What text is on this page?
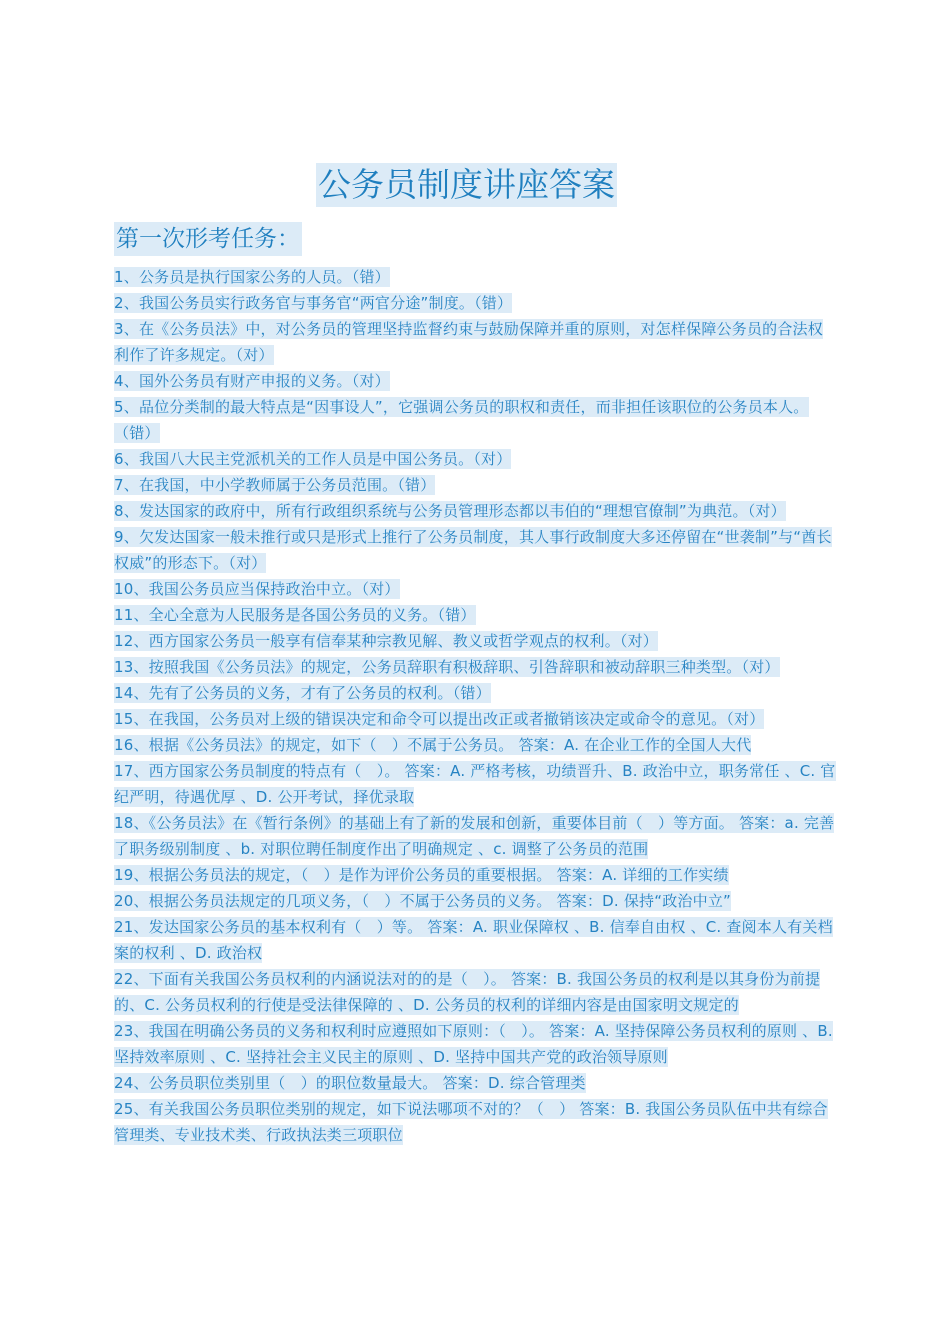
公务员制度讲座答案
第一次形考任务：

1、公务员是执行国家公务的人员。（错）

2、我国公务员实行政务官与事务官“两官分途”制度。（错）

3、在《公务员法》中，对公务员的管理坚持监督约束与鼓励保障并重的原则，对怎样保障公务员的合法权利作了许多规定。（对）

4、国外公务员有财产申报的义务。（对）

5、品位分类制的最大特点是“因事设人”，它强调公务员的职权和责任，而非担任该职位的公务员本人。（错）

6、我国八大民主党派机关的工作人员是中国公务员。（对）

7、在我国，中小学教师属于公务员范围。（错）

8、发达国家的政府中，所有行政组织系统与公务员管理形态都以韦伯的“理想官僚制”为典范。（对）

9、欠发达国家一般未推行或只是形式上推行了公务员制度，其人事行政制度大多还停留在“世袭制”与“酋长权威”的形态下。（对）

10、我国公务员应当保持政治中立。（对）

11、全心全意为人民服务是各国公务员的义务。（错）

12、西方国家公务员一般享有信奉某种宗教见解、教义或哲学观点的权利。（对）

13、按照我国《公务员法》的规定，公务员辞职有积极辞职、引咎辞职和被动辞职三种类型。（对）

14、先有了公务员的义务，才有了公务员的权利。（错）

15、在我国，公务员对上级的错误决定和命令可以提出改正或者撤销该决定或命令的意见。（对）

16、根据《公务员法》的规定，如下（　）不属于公务员。 答案：A. 在企业工作的全国人大代

17、西方国家公务员制度的特点有（　）。 答案：A. 严格考核，功绩晋升、B. 政治中立，职务常任 、C. 官纪严明，待遇优厚 、D. 公开考试，择优录取

18、《公务员法》在《暂行条例》的基础上有了新的发展和创新，重要体目前（　）等方面。 答案：a. 完善了职务级别制度 、b. 对职位聘任制度作出了明确规定 、c. 调整了公务员的范围

19、根据公务员法的规定，（　）是作为评价公务员的重要根据。 答案：A. 详细的工作实绩

20、根据公务员法规定的几项义务，（　）不属于公务员的义务。 答案：D. 保持“政治中立”

21、发达国家公务员的基本权利有（　）等。 答案：A. 职业保障权 、B. 信奉自由权 、C. 查阅本人有关档案的权利 、D. 政治权

22、下面有关我国公务员权利的内涵说法对的的是（　）。 答案：B. 我国公务员的权利是以其身份为前提的、C. 公务员权利的行使是受法律保障的 、D. 公务员的权利的详细内容是由国家明文规定的

23、我国在明确公务员的义务和权利时应遵照如下原则：（　）。 答案：A. 坚持保障公务员权利的原则 、B. 坚持效率原则 、C. 坚持社会主义民主的原则 、D. 坚持中国共产党的政治领导原则

24、公务员职位类别里（　）的职位数量最大。 答案：D. 综合管理类

25、有关我国公务员职位类别的规定，如下说法哪项不对的？（　） 答案：B. 我国公务员队伍中共有综合管理类、专业技术类、行政执法类三项职位
